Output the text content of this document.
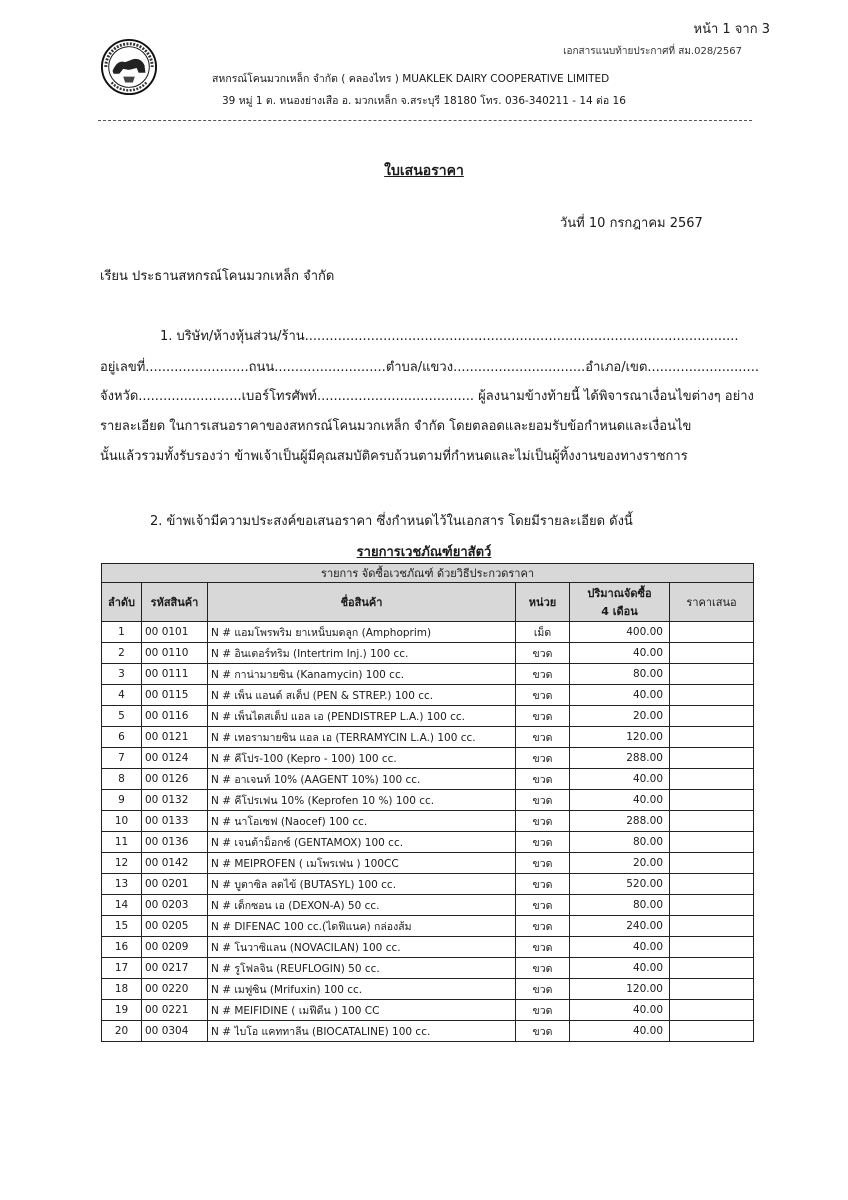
หน้า 1 จาก 3
เอกสารแนบท้ายประกาศที่ สม.028/2567
สหกรณ์โคนมวกเหล็ก จำกัด ( คลองไทร ) MUAKLEK DAIRY COOPERATIVE LIMITED
39 หมู่ 1 ต. หนองย่างเสือ อ. มวกเหล็ก จ.สระบุรี 18180 โทร. 036-340211 - 14 ต่อ 16
ใบเสนอราคา
วันที่ 10 กรกฎาคม 2567
เรียน ประธานสหกรณ์โคนมวกเหล็ก จำกัด
1. บริษัท/ห้างหุ้นส่วน/ร้าน.........................................................................................................
อยู่เลขที่.........................ถนน...........................ตำบล/แขวง................................อำเภอ/เขต...........................
จังหวัด.........................เบอร์โทรศัพท์...................................... ผู้ลงนามข้างท้ายนี้ ได้พิจารณาเงื่อนไขต่างๆ อย่าง
รายละเอียด ในการเสนอราคาของสหกรณ์โคนมวกเหล็ก จำกัด โดยตลอดและยอมรับข้อกำหนดและเงื่อนไข
นั้นแล้วรวมทั้งรับรองว่า ข้าพเจ้าเป็นผู้มีคุณสมบัติครบถ้วนตามที่กำหนดและไม่เป็นผู้ทิ้งงานของทางราชการ
2. ข้าพเจ้ามีความประสงค์ขอเสนอราคา ซึ่งกำหนดไว้ในเอกสาร โดยมีรายละเอียด ดังนี้
รายการเวชภัณฑ์ยาสัตว์
รายการ จัดซื้อเวชภัณฑ์ ด้วยวิธีประกวดราคา					
ลำดับ	รหัสสินค้า	ชื่อสินค้า	หน่วย	ปริมาณจัดซื้อ
4 เดือน	ราคาเสนอ
1	00 0101	N # แอมโพรพริม ยาเหน็บมดลูก (Amphoprim)	เม็ด	400.00	
2	00 0110	N # อินเตอร์ทริม (Intertrim Inj.) 100 cc.	ขวด	40.00	
3	00 0111	N # กาน่ามายซิน (Kanamycin) 100 cc.	ขวด	80.00	
4	00 0115	N # เพ็น แอนด์ สเต็ป (PEN & STREP.) 100 cc.	ขวด	40.00	
5	00 0116	N # เพ็นไดสเต็ป แอล เอ (PENDISTREP L.A.) 100 cc.	ขวด	20.00	
6	00 0121	N # เทอรามายซิน แอล เอ (TERRAMYCIN L.A.) 100 cc.	ขวด	120.00	
7	00 0124	N # คีโปร-100 (Kepro - 100) 100 cc.	ขวด	288.00	
8	00 0126	N # อาเจนท์ 10% (AAGENT 10%) 100 cc.	ขวด	40.00	
9	00 0132	N # คีโปรเฟน 10% (Keprofen 10 %) 100 cc.	ขวด	40.00	
10	00 0133	N # นาโอเซฟ (Naocef) 100 cc.	ขวด	288.00	
11	00 0136	N # เจนต้าม็อกซ์ (GENTAMOX) 100 cc.	ขวด	80.00	
12	00 0142	N # MEIPROFEN ( เมโพรเฟน ) 100CC	ขวด	20.00	
13	00 0201	N # บูตาซิล ลดไข้ (BUTASYL) 100 cc.	ขวด	520.00	
14	00 0203	N # เด็กซอน เอ (DEXON-A) 50 cc.	ขวด	80.00	
15	00 0205	N # DIFENAC 100 cc.(ไดฟีแนค) กล่องส้ม	ขวด	240.00	
16	00 0209	N # โนวาซิแลน (NOVACILAN) 100 cc.	ขวด	40.00	
17	00 0217	N # รูโฟลจิน (REUFLOGIN) 50 cc.	ขวด	40.00	
18	00 0220	N # เมฟูซิน (Mrifuxin) 100 cc.	ขวด	120.00	
19	00 0221	N # MEIFIDINE ( เมฟีดีน ) 100 CC	ขวด	40.00	
20	00 0304	N # ไบโอ แคททาลีน (BIOCATALINE) 100 cc.	ขวด	40.00	
